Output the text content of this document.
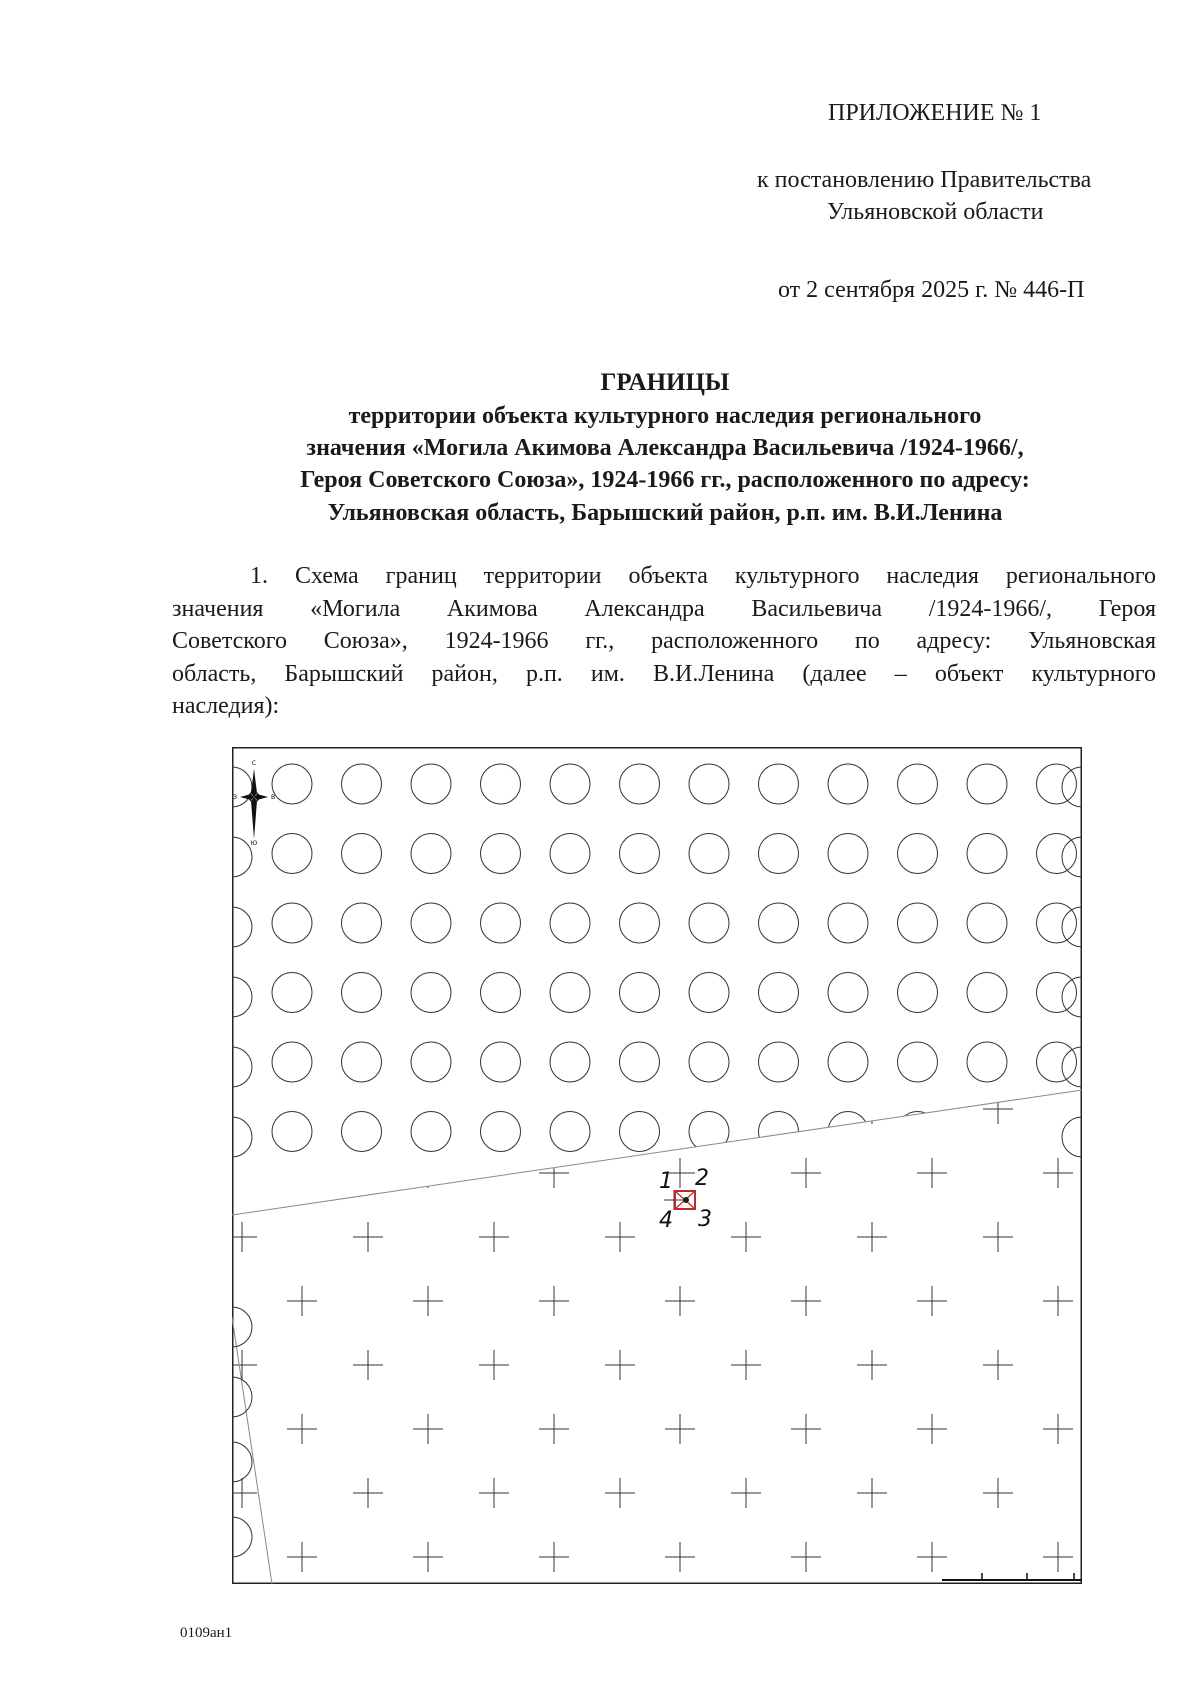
ПРИЛОЖЕНИЕ № 1
к постановлению Правительства
Ульяновской области
от 2 сентября 2025 г. № 446-П
ГРАНИЦЫ
территории объекта культурного наследия регионального
значения «Могила Акимова Александра Васильевича /1924-1966/,
Героя Советского Союза», 1924-1966 гг., расположенного по адресу:
Ульяновская область, Барышский район, р.п. им. В.И.Ленина
1. Схема границ территории объекта культурного наследия регионального
значения «Могила Акимова Александра Васильевича /1924-1966/, Героя
Советского Союза», 1924-1966 гг., расположенного по адресу: Ульяновская
область, Барышский район, р.п. им. В.И.Ленина (далее – объект культурного
наследия):
С
Ю
З	В
1 2
3
4
0109ан1
